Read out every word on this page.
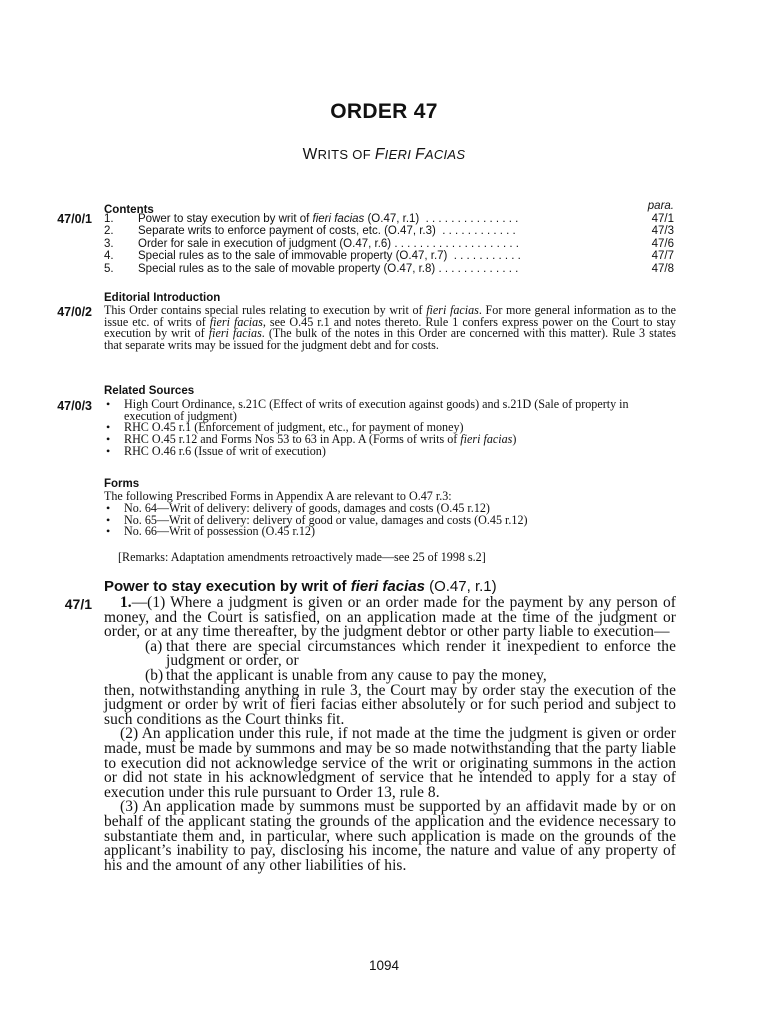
ORDER 47
WRITS OF FIERI FACIAS
Contents	para.
47/0/1 1. Power to stay execution by writ of fieri facias (O.47, r.1) . . . . . . . . . . . . . . .	47/1
2. Separate writs to enforce payment of costs, etc. (O.47, r.3) . . . . . . . . . . . .	47/3
3. Order for sale in execution of judgment (O.47, r.6) . . . . . . . . . . . . . . . . . . . .	47/6
4. Special rules as to the sale of immovable property (O.47, r.7) . . . . . . . . . . .	47/7
5. Special rules as to the sale of movable property (O.47, r.8) . . . . . . . . . . . . .	47/8
Editorial Introduction
47/0/2 This Order contains special rules relating to execution by writ of fieri facias. For more general information as to the issue etc. of writs of fieri facias, see O.45 r.1 and notes thereto. Rule 1 confers express power on the Court to stay execution by writ of fieri facias. (The bulk of the notes in this Order are concerned with this matter). Rule 3 states that separate writs may be issued for the judgment debt and for costs.
Related Sources
47/0/3
•	High Court Ordinance, s.21C (Effect of writs of execution against goods) and s.21D (Sale of property in execution of judgment)
• RHC O.45 r.1 (Enforcement of judgment, etc., for payment of money)
• RHC O.45 r.12 and Forms Nos 53 to 63 in App. A (Forms of writs of fieri facias)
• RHC O.46 r.6 (Issue of writ of execution)
Forms
The following Prescribed Forms in Appendix A are relevant to O.47 r.3:
• No. 64—Writ of delivery: delivery of goods, damages and costs (O.45 r.12)
• No. 65—Writ of delivery: delivery of good or value, damages and costs (O.45 r.12)
• No. 66—Writ of possession (O.45 r.12)
[Remarks: Adaptation amendments retroactively made—see 25 of 1998 s.2]
Power to stay execution by writ of fieri facias (O.47, r.1)
47/1	1.—(1) Where a judgment is given or an order made for the payment by any person of money, and the Court is satisfied, on an application made at the time of the judgment or order, or at any time thereafter, by the judgment debtor or other party liable to execution—

(a) that there are special circumstances which render it inexpedient to enforce the judgment or order, or

(b) that the applicant is unable from any cause to pay the money,

then, notwithstanding anything in rule 3, the Court may by order stay the execution of the judgment or order by writ of fieri facias either absolutely or for such period and subject to such conditions as the Court thinks fit.

(2) An application under this rule, if not made at the time the judgment is given or order made, must be made by summons and may be so made notwithstanding that the party liable to execution did not acknowledge service of the writ or originating summons in the action or did not state in his acknowledgment of service that he intended to apply for a stay of execution under this rule pursuant to Order 13, rule 8.

(3) An application made by summons must be supported by an affidavit made by or on behalf of the applicant stating the grounds of the application and the evidence necessary to substantiate them and, in particular, where such application is made on the grounds of the applicant’s inability to pay, disclosing his income, the nature and value of any property of his and the amount of any other liabilities of his.

1094
